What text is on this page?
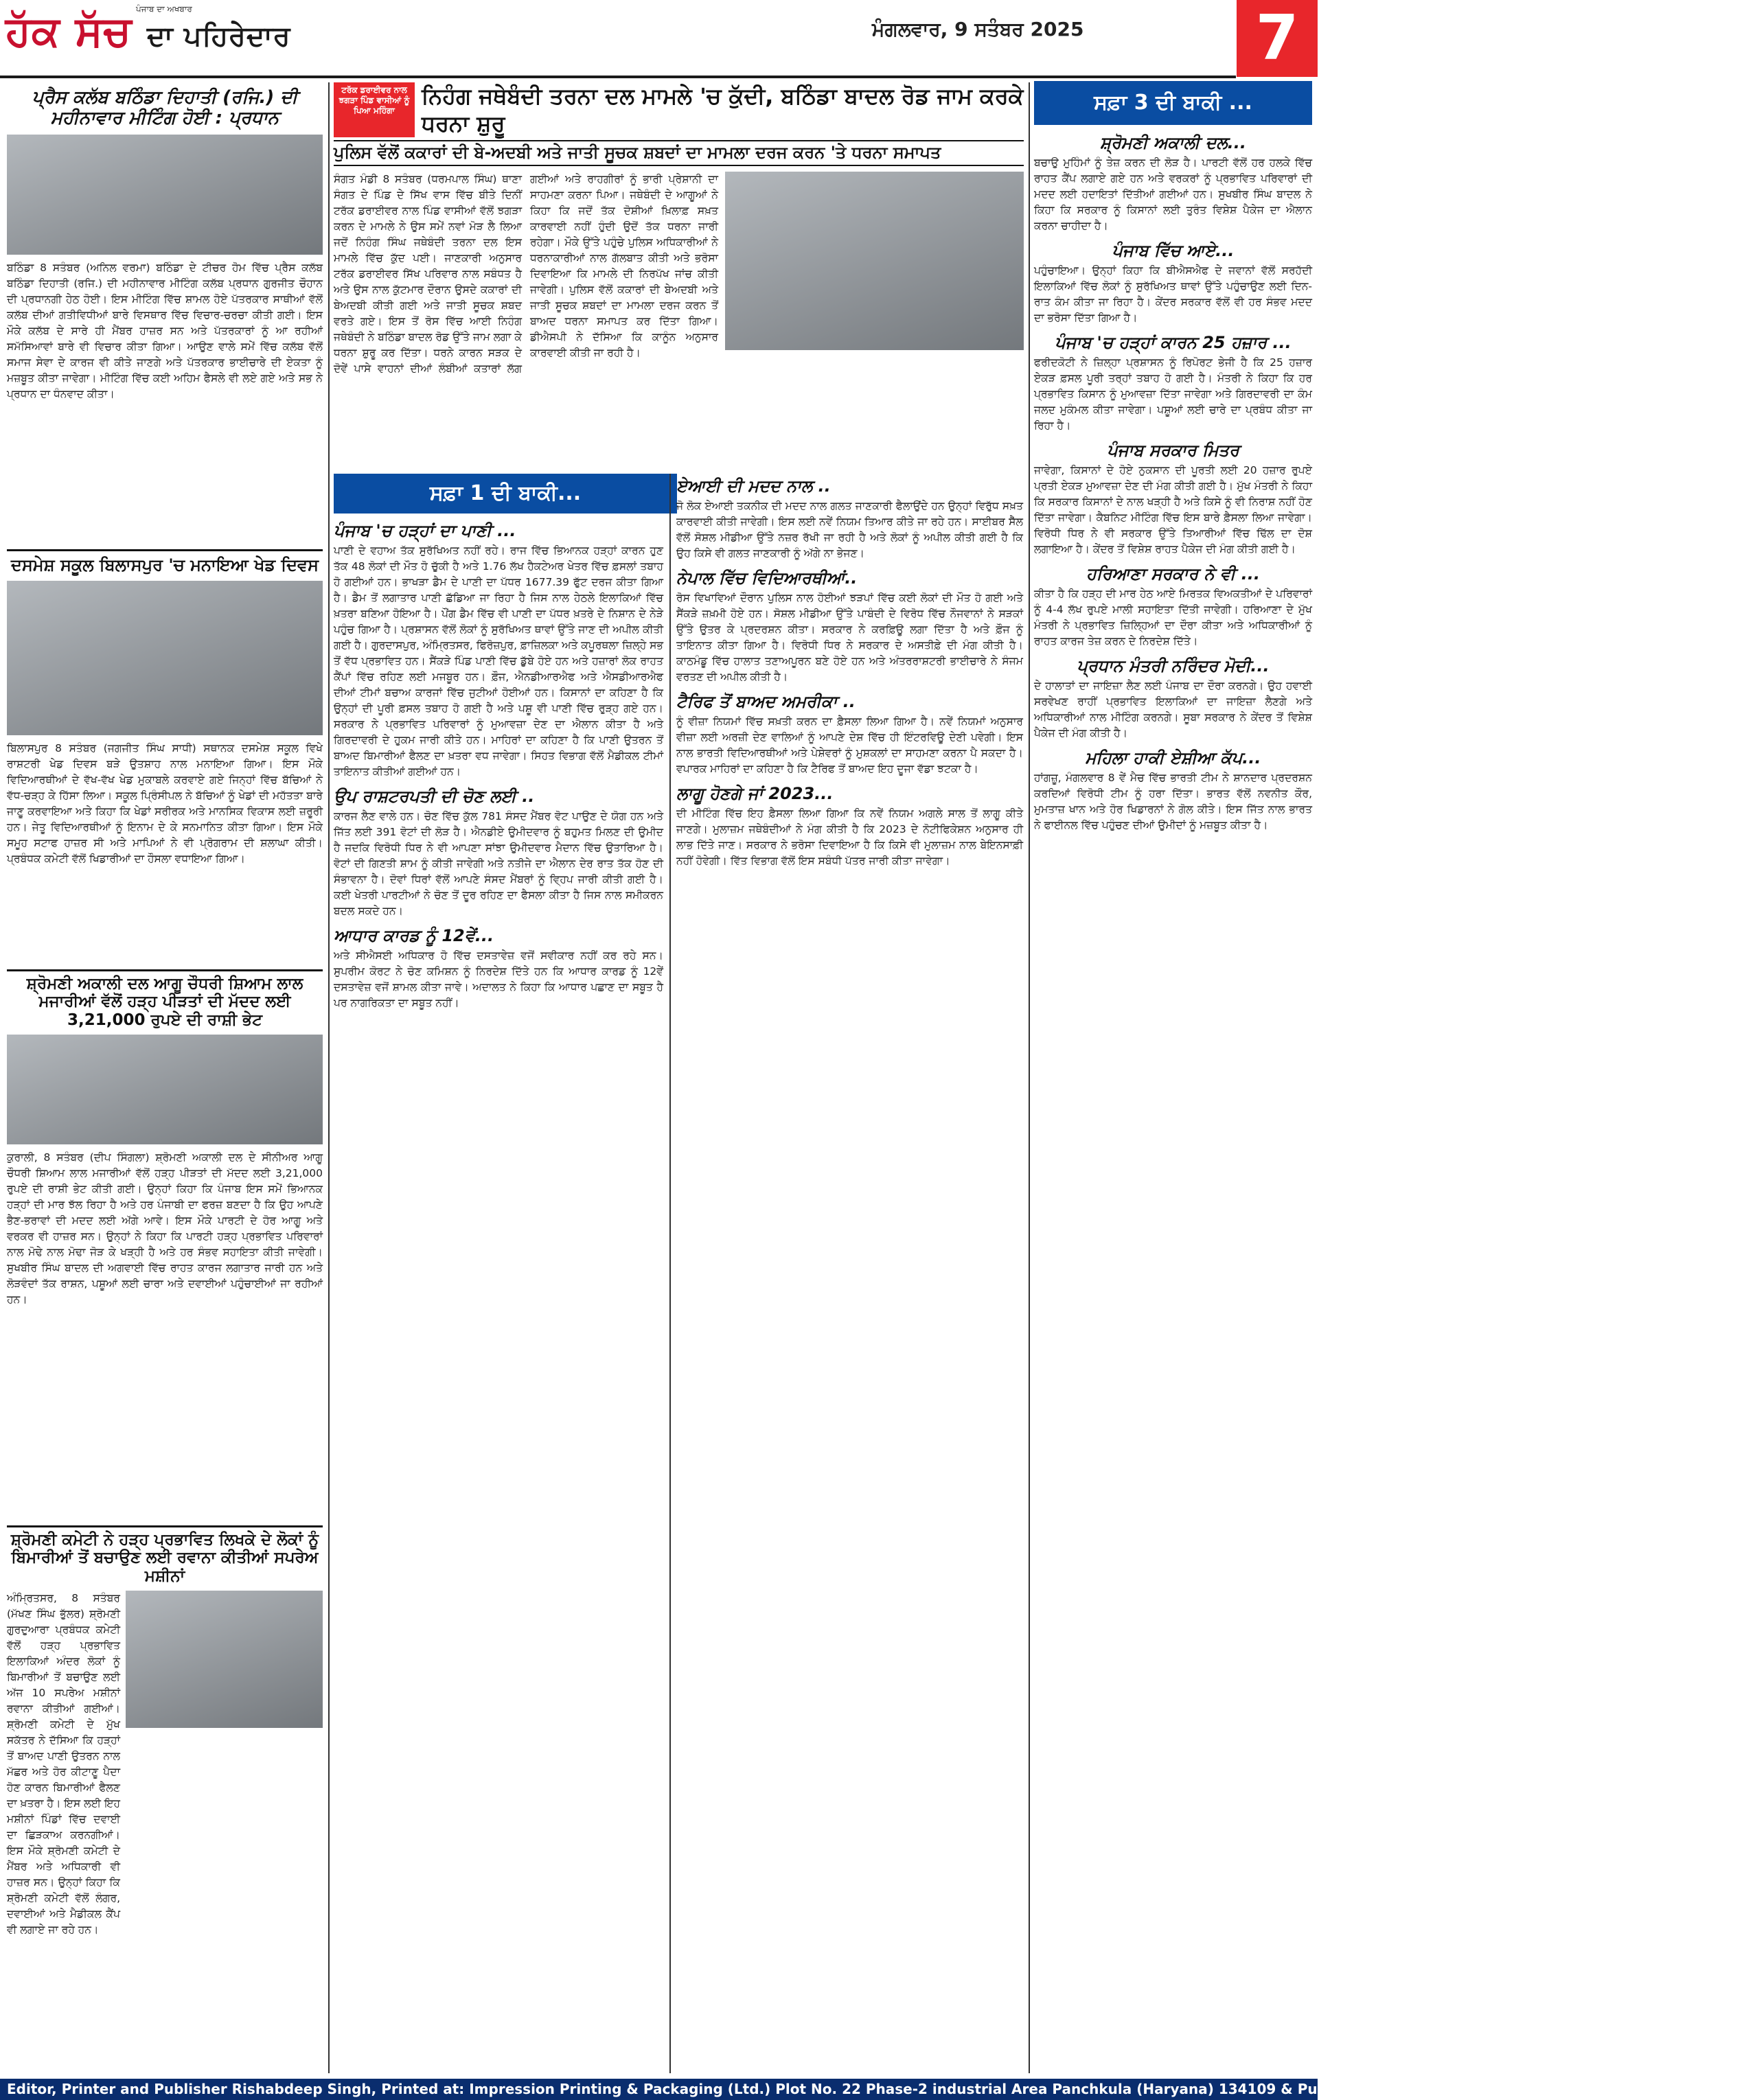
ਪੰਜਾਬ ਦਾ ਅਖਬਾਰ
ਹੱਕ ਸੱਚ ਦਾ ਪਹਿਰੇਦਾਰ	ਮੰਗਲਵਾਰ, 9 ਸਤੰਬਰ 2025	7
ਪ੍ਰੈਸ ਕਲੱਬ ਬਠਿੰਡਾ ਦਿਹਾਤੀ (ਰਜਿ.) ਦੀ ਮਹੀਨਾਵਾਰ ਮੀਟਿੰਗ ਹੋਈ : ਪ੍ਰਧਾਨ
ਬਠਿੰਡਾ 8 ਸਤੰਬਰ (ਅਨਿਲ ਵਰਮਾ) ਬਠਿੰਡਾ ਦੇ ਟੀਚਰ ਹੋਮ ਵਿੱਚ ਪ੍ਰੈਸ ਕਲੱਬ ਬਠਿੰਡਾ ਦਿਹਾਤੀ (ਰਜਿ.) ਦੀ ਮਹੀਨਾਵਾਰ ਮੀਟਿੰਗ ਕਲੱਬ ਪ੍ਰਧਾਨ ਗੁਰਜੀਤ ਚੌਹਾਨ ਦੀ ਪ੍ਰਧਾਨਗੀ ਹੇਠ ਹੋਈ। ਇਸ ਮੀਟਿੰਗ ਵਿੱਚ ਸ਼ਾਮਲ ਹੋਏ ਪੱਤਰਕਾਰ ਸਾਥੀਆਂ ਵੱਲੋਂ ਕਲੱਬ ਦੀਆਂ ਗਤੀਵਿਧੀਆਂ ਬਾਰੇ ਵਿਸਥਾਰ ਵਿੱਚ ਵਿਚਾਰ-ਚਰਚਾ ਕੀਤੀ ਗਈ। ਇਸ ਮੌਕੇ ਕਲੱਬ ਦੇ ਸਾਰੇ ਹੀ ਮੈਂਬਰ ਹਾਜ਼ਰ ਸਨ ਅਤੇ ਪੱਤਰਕਾਰਾਂ ਨੂੰ ਆ ਰਹੀਆਂ ਸਮੱਸਿਆਵਾਂ ਬਾਰੇ ਵੀ ਵਿਚਾਰ ਕੀਤਾ ਗਿਆ। ਆਉਣ ਵਾਲੇ ਸਮੇਂ ਵਿੱਚ ਕਲੱਬ ਵੱਲੋਂ ਸਮਾਜ ਸੇਵਾ ਦੇ ਕਾਰਜ ਵੀ ਕੀਤੇ ਜਾਣਗੇ ਅਤੇ ਪੱਤਰਕਾਰ ਭਾਈਚਾਰੇ ਦੀ ਏਕਤਾ ਨੂੰ ਮਜ਼ਬੂਤ ਕੀਤਾ ਜਾਵੇਗਾ। ਮੀਟਿੰਗ ਵਿੱਚ ਕਈ ਅਹਿਮ ਫੈਸਲੇ ਵੀ ਲਏ ਗਏ ਅਤੇ ਸਭ ਨੇ ਪ੍ਰਧਾਨ ਦਾ ਧੰਨਵਾਦ ਕੀਤਾ।
ਦਸਮੇਸ਼ ਸਕੂਲ ਬਿਲਾਸਪੁਰ 'ਚ ਮਨਾਇਆ ਖੇਡ ਦਿਵਸ
ਬਿਲਾਸਪੁਰ 8 ਸਤੰਬਰ (ਜਗਜੀਤ ਸਿੰਘ ਸਾਧੀ) ਸਥਾਨਕ ਦਸਮੇਸ਼ ਸਕੂਲ ਵਿਖੇ ਰਾਸ਼ਟਰੀ ਖੇਡ ਦਿਵਸ ਬੜੇ ਉਤਸ਼ਾਹ ਨਾਲ ਮਨਾਇਆ ਗਿਆ। ਇਸ ਮੌਕੇ ਵਿਦਿਆਰਥੀਆਂ ਦੇ ਵੱਖ-ਵੱਖ ਖੇਡ ਮੁਕਾਬਲੇ ਕਰਵਾਏ ਗਏ ਜਿਨ੍ਹਾਂ ਵਿੱਚ ਬੱਚਿਆਂ ਨੇ ਵੱਧ-ਚੜ੍ਹ ਕੇ ਹਿੱਸਾ ਲਿਆ। ਸਕੂਲ ਪ੍ਰਿੰਸੀਪਲ ਨੇ ਬੱਚਿਆਂ ਨੂੰ ਖੇਡਾਂ ਦੀ ਮਹੱਤਤਾ ਬਾਰੇ ਜਾਣੂ ਕਰਵਾਇਆ ਅਤੇ ਕਿਹਾ ਕਿ ਖੇਡਾਂ ਸਰੀਰਕ ਅਤੇ ਮਾਨਸਿਕ ਵਿਕਾਸ ਲਈ ਜ਼ਰੂਰੀ ਹਨ। ਜੇਤੂ ਵਿਦਿਆਰਥੀਆਂ ਨੂੰ ਇਨਾਮ ਦੇ ਕੇ ਸਨਮਾਨਿਤ ਕੀਤਾ ਗਿਆ। ਇਸ ਮੌਕੇ ਸਮੂਹ ਸਟਾਫ ਹਾਜ਼ਰ ਸੀ ਅਤੇ ਮਾਪਿਆਂ ਨੇ ਵੀ ਪ੍ਰੋਗਰਾਮ ਦੀ ਸ਼ਲਾਘਾ ਕੀਤੀ। ਪ੍ਰਬੰਧਕ ਕਮੇਟੀ ਵੱਲੋਂ ਖਿਡਾਰੀਆਂ ਦਾ ਹੌਸਲਾ ਵਧਾਇਆ ਗਿਆ।
ਸ਼੍ਰੋਮਣੀ ਅਕਾਲੀ ਦਲ ਆਗੂ ਚੌਧਰੀ ਸ਼ਿਆਮ ਲਾਲ ਮਜਾਰੀਆਂ ਵੱਲੋਂ ਹੜ੍ਹ ਪੀੜਤਾਂ ਦੀ ਮੱਦਦ ਲਈ 3,21,000 ਰੁਪਏ ਦੀ ਰਾਸ਼ੀ ਭੇਟ
ਕੁਰਾਲੀ, 8 ਸਤੰਬਰ (ਦੀਪ ਸਿੰਗਲਾ) ਸ਼੍ਰੋਮਣੀ ਅਕਾਲੀ ਦਲ ਦੇ ਸੀਨੀਅਰ ਆਗੂ ਚੌਧਰੀ ਸ਼ਿਆਮ ਲਾਲ ਮਜਾਰੀਆਂ ਵੱਲੋਂ ਹੜ੍ਹ ਪੀੜਤਾਂ ਦੀ ਮੱਦਦ ਲਈ 3,21,000 ਰੁਪਏ ਦੀ ਰਾਸ਼ੀ ਭੇਟ ਕੀਤੀ ਗਈ। ਉਨ੍ਹਾਂ ਕਿਹਾ ਕਿ ਪੰਜਾਬ ਇਸ ਸਮੇਂ ਭਿਆਨਕ ਹੜ੍ਹਾਂ ਦੀ ਮਾਰ ਝੱਲ ਰਿਹਾ ਹੈ ਅਤੇ ਹਰ ਪੰਜਾਬੀ ਦਾ ਫਰਜ਼ ਬਣਦਾ ਹੈ ਕਿ ਉਹ ਆਪਣੇ ਭੈਣ-ਭਰਾਵਾਂ ਦੀ ਮਦਦ ਲਈ ਅੱਗੇ ਆਵੇ। ਇਸ ਮੌਕੇ ਪਾਰਟੀ ਦੇ ਹੋਰ ਆਗੂ ਅਤੇ ਵਰਕਰ ਵੀ ਹਾਜ਼ਰ ਸਨ। ਉਨ੍ਹਾਂ ਨੇ ਕਿਹਾ ਕਿ ਪਾਰਟੀ ਹੜ੍ਹ ਪ੍ਰਭਾਵਿਤ ਪਰਿਵਾਰਾਂ ਨਾਲ ਮੋਢੇ ਨਾਲ ਮੋਢਾ ਜੋੜ ਕੇ ਖੜ੍ਹੀ ਹੈ ਅਤੇ ਹਰ ਸੰਭਵ ਸਹਾਇਤਾ ਕੀਤੀ ਜਾਵੇਗੀ। ਸੁਖਬੀਰ ਸਿੰਘ ਬਾਦਲ ਦੀ ਅਗਵਾਈ ਵਿੱਚ ਰਾਹਤ ਕਾਰਜ ਲਗਾਤਾਰ ਜਾਰੀ ਹਨ ਅਤੇ ਲੋੜਵੰਦਾਂ ਤੱਕ ਰਾਸ਼ਨ, ਪਸ਼ੂਆਂ ਲਈ ਚਾਰਾ ਅਤੇ ਦਵਾਈਆਂ ਪਹੁੰਚਾਈਆਂ ਜਾ ਰਹੀਆਂ ਹਨ।
ਸ਼੍ਰੋਮਣੀ ਕਮੇਟੀ ਨੇ ਹੜ੍ਹ ਪ੍ਰਭਾਵਿਤ ਲਿਖਕੇ ਦੇ ਲੋਕਾਂ ਨੂੰ ਬਿਮਾਰੀਆਂ ਤੋਂ ਬਚਾਉਣ ਲਈ ਰਵਾਨਾ ਕੀਤੀਆਂ ਸਪਰੇਅ ਮਸ਼ੀਨਾਂ
ਅੰਮ੍ਰਿਤਸਰ, 8 ਸਤੰਬਰ (ਮੱਖਣ ਸਿੰਘ ਭੁੱਲਰ) ਸ਼੍ਰੋਮਣੀ ਗੁਰਦੁਆਰਾ ਪ੍ਰਬੰਧਕ ਕਮੇਟੀ ਵੱਲੋਂ ਹੜ੍ਹ ਪ੍ਰਭਾਵਿਤ ਇਲਾਕਿਆਂ ਅੰਦਰ ਲੋਕਾਂ ਨੂੰ ਬਿਮਾਰੀਆਂ ਤੋਂ ਬਚਾਉਣ ਲਈ ਅੱਜ 10 ਸਪਰੇਅ ਮਸ਼ੀਨਾਂ ਰਵਾਨਾ ਕੀਤੀਆਂ ਗਈਆਂ। ਸ਼੍ਰੋਮਣੀ ਕਮੇਟੀ ਦੇ ਮੁੱਖ ਸਕੱਤਰ ਨੇ ਦੱਸਿਆ ਕਿ ਹੜ੍ਹਾਂ ਤੋਂ ਬਾਅਦ ਪਾਣੀ ਉਤਰਨ ਨਾਲ ਮੱਛਰ ਅਤੇ ਹੋਰ ਕੀਟਾਣੂ ਪੈਦਾ ਹੋਣ ਕਾਰਨ ਬਿਮਾਰੀਆਂ ਫੈਲਣ ਦਾ ਖ਼ਤਰਾ ਹੈ। ਇਸ ਲਈ ਇਹ ਮਸ਼ੀਨਾਂ ਪਿੰਡਾਂ ਵਿੱਚ ਦਵਾਈ ਦਾ ਛਿੜਕਾਅ ਕਰਨਗੀਆਂ। ਇਸ ਮੌਕੇ ਸ਼੍ਰੋਮਣੀ ਕਮੇਟੀ ਦੇ ਮੈਂਬਰ ਅਤੇ ਅਧਿਕਾਰੀ ਵੀ ਹਾਜ਼ਰ ਸਨ। ਉਨ੍ਹਾਂ ਕਿਹਾ ਕਿ ਸ਼੍ਰੋਮਣੀ ਕਮੇਟੀ ਵੱਲੋਂ ਲੰਗਰ, ਦਵਾਈਆਂ ਅਤੇ ਮੈਡੀਕਲ ਕੈਂਪ ਵੀ ਲਗਾਏ ਜਾ ਰਹੇ ਹਨ।
ਟਰੱਕ ਡਰਾਈਵਰ ਨਾਲ ਝਗੜਾ ਪਿੰਡ ਵਾਸੀਆਂ ਨੂੰ ਪਿਆ ਮਹਿੰਗਾ
ਨਿਹੰਗ ਜਥੇਬੰਦੀ ਤਰਨਾ ਦਲ ਮਾਮਲੇ 'ਚ ਕੁੱਦੀ, ਬਠਿੰਡਾ ਬਾਦਲ ਰੋਡ ਜਾਮ ਕਰਕੇ ਧਰਨਾ ਸ਼ੁਰੂ
ਪੁਲਿਸ ਵੱਲੋਂ ਕਕਾਰਾਂ ਦੀ ਬੇ-ਅਦਬੀ ਅਤੇ ਜਾਤੀ ਸੂਚਕ ਸ਼ਬਦਾਂ ਦਾ ਮਾਮਲਾ ਦਰਜ ਕਰਨ 'ਤੇ ਧਰਨਾ ਸਮਾਪਤ
ਸੰਗਤ ਮੰਡੀ 8 ਸਤੰਬਰ (ਧਰਮਪਾਲ ਸਿੰਘ) ਥਾਣਾ ਸੰਗਤ ਦੇ ਪਿੰਡ ਦੇ ਸਿੱਖ ਵਾਸ ਵਿੱਚ ਬੀਤੇ ਦਿਨੀਂ ਟਰੱਕ ਡਰਾਈਵਰ ਨਾਲ ਪਿੰਡ ਵਾਸੀਆਂ ਵੱਲੋਂ ਝਗੜਾ ਕਰਨ ਦੇ ਮਾਮਲੇ ਨੇ ਉਸ ਸਮੇਂ ਨਵਾਂ ਮੋੜ ਲੈ ਲਿਆ ਜਦੋਂ ਨਿਹੰਗ ਸਿੰਘ ਜਥੇਬੰਦੀ ਤਰਨਾ ਦਲ ਇਸ ਮਾਮਲੇ ਵਿੱਚ ਕੁੱਦ ਪਈ। ਜਾਣਕਾਰੀ ਅਨੁਸਾਰ ਟਰੱਕ ਡਰਾਈਵਰ ਸਿੱਖ ਪਰਿਵਾਰ ਨਾਲ ਸਬੰਧਤ ਹੈ ਅਤੇ ਉਸ ਨਾਲ ਕੁੱਟਮਾਰ ਦੌਰਾਨ ਉਸਦੇ ਕਕਾਰਾਂ ਦੀ ਬੇਅਦਬੀ ਕੀਤੀ ਗਈ ਅਤੇ ਜਾਤੀ ਸੂਚਕ ਸ਼ਬਦ ਵਰਤੇ ਗਏ। ਇਸ ਤੋਂ ਰੋਸ ਵਿੱਚ ਆਈ ਨਿਹੰਗ ਜਥੇਬੰਦੀ ਨੇ ਬਠਿੰਡਾ ਬਾਦਲ ਰੋਡ ਉੱਤੇ ਜਾਮ ਲਗਾ ਕੇ ਧਰਨਾ ਸ਼ੁਰੂ ਕਰ ਦਿੱਤਾ। ਧਰਨੇ ਕਾਰਨ ਸੜਕ ਦੇ ਦੋਵੇਂ ਪਾਸੇ ਵਾਹਨਾਂ ਦੀਆਂ ਲੰਬੀਆਂ ਕਤਾਰਾਂ ਲੱਗ ਗਈਆਂ ਅਤੇ ਰਾਹਗੀਰਾਂ ਨੂੰ ਭਾਰੀ ਪ੍ਰੇਸ਼ਾਨੀ ਦਾ ਸਾਹਮਣਾ ਕਰਨਾ ਪਿਆ। ਜਥੇਬੰਦੀ ਦੇ ਆਗੂਆਂ ਨੇ ਕਿਹਾ ਕਿ ਜਦੋਂ ਤੱਕ ਦੋਸ਼ੀਆਂ ਖ਼ਿਲਾਫ਼ ਸਖ਼ਤ ਕਾਰਵਾਈ ਨਹੀਂ ਹੁੰਦੀ ਉਦੋਂ ਤੱਕ ਧਰਨਾ ਜਾਰੀ ਰਹੇਗਾ। ਮੌਕੇ ਉੱਤੇ ਪਹੁੰਚੇ ਪੁਲਿਸ ਅਧਿਕਾਰੀਆਂ ਨੇ ਧਰਨਾਕਾਰੀਆਂ ਨਾਲ ਗੱਲਬਾਤ ਕੀਤੀ ਅਤੇ ਭਰੋਸਾ ਦਿਵਾਇਆ ਕਿ ਮਾਮਲੇ ਦੀ ਨਿਰਪੱਖ ਜਾਂਚ ਕੀਤੀ ਜਾਵੇਗੀ। ਪੁਲਿਸ ਵੱਲੋਂ ਕਕਾਰਾਂ ਦੀ ਬੇਅਦਬੀ ਅਤੇ ਜਾਤੀ ਸੂਚਕ ਸ਼ਬਦਾਂ ਦਾ ਮਾਮਲਾ ਦਰਜ ਕਰਨ ਤੋਂ ਬਾਅਦ ਧਰਨਾ ਸਮਾਪਤ ਕਰ ਦਿੱਤਾ ਗਿਆ। ਡੀਐਸਪੀ ਨੇ ਦੱਸਿਆ ਕਿ ਕਾਨੂੰਨ ਅਨੁਸਾਰ ਕਾਰਵਾਈ ਕੀਤੀ ਜਾ ਰਹੀ ਹੈ।
ਸਫ਼ਾ 1 ਦੀ ਬਾਕੀ...
ਪੰਜਾਬ 'ਚ ਹੜ੍ਹਾਂ ਦਾ ਪਾਣੀ ...
ਪਾਣੀ ਦੇ ਵਹਾਅ ਤੱਕ ਸੁਰੱਖਿਅਤ ਨਹੀਂ ਰਹੇ। ਰਾਜ ਵਿੱਚ ਭਿਆਨਕ ਹੜ੍ਹਾਂ ਕਾਰਨ ਹੁਣ ਤੱਕ 48 ਲੋਕਾਂ ਦੀ ਮੌਤ ਹੋ ਚੁੱਕੀ ਹੈ ਅਤੇ 1.76 ਲੱਖ ਹੈਕਟੇਅਰ ਖੇਤਰ ਵਿੱਚ ਫ਼ਸਲਾਂ ਤਬਾਹ ਹੋ ਗਈਆਂ ਹਨ। ਭਾਖੜਾ ਡੈਮ ਦੇ ਪਾਣੀ ਦਾ ਪੱਧਰ 1677.39 ਫੁੱਟ ਦਰਜ ਕੀਤਾ ਗਿਆ ਹੈ। ਡੈਮ ਤੋਂ ਲਗਾਤਾਰ ਪਾਣੀ ਛੱਡਿਆ ਜਾ ਰਿਹਾ ਹੈ ਜਿਸ ਨਾਲ ਹੇਠਲੇ ਇਲਾਕਿਆਂ ਵਿੱਚ ਖ਼ਤਰਾ ਬਣਿਆ ਹੋਇਆ ਹੈ। ਪੌਂਗ ਡੈਮ ਵਿੱਚ ਵੀ ਪਾਣੀ ਦਾ ਪੱਧਰ ਖ਼ਤਰੇ ਦੇ ਨਿਸ਼ਾਨ ਦੇ ਨੇੜੇ ਪਹੁੰਚ ਗਿਆ ਹੈ। ਪ੍ਰਸ਼ਾਸਨ ਵੱਲੋਂ ਲੋਕਾਂ ਨੂੰ ਸੁਰੱਖਿਅਤ ਥਾਵਾਂ ਉੱਤੇ ਜਾਣ ਦੀ ਅਪੀਲ ਕੀਤੀ ਗਈ ਹੈ। ਗੁਰਦਾਸਪੁਰ, ਅੰਮ੍ਰਿਤਸਰ, ਫਿਰੋਜ਼ਪੁਰ, ਫ਼ਾਜ਼ਿਲਕਾ ਅਤੇ ਕਪੂਰਥਲਾ ਜ਼ਿਲ੍ਹੇ ਸਭ ਤੋਂ ਵੱਧ ਪ੍ਰਭਾਵਿਤ ਹਨ। ਸੈਂਕੜੇ ਪਿੰਡ ਪਾਣੀ ਵਿੱਚ ਡੁੱਬੇ ਹੋਏ ਹਨ ਅਤੇ ਹਜ਼ਾਰਾਂ ਲੋਕ ਰਾਹਤ ਕੈਂਪਾਂ ਵਿੱਚ ਰਹਿਣ ਲਈ ਮਜਬੂਰ ਹਨ। ਫ਼ੌਜ, ਐਨਡੀਆਰਐਫ ਅਤੇ ਐਸਡੀਆਰਐਫ ਦੀਆਂ ਟੀਮਾਂ ਬਚਾਅ ਕਾਰਜਾਂ ਵਿੱਚ ਜੁਟੀਆਂ ਹੋਈਆਂ ਹਨ। ਕਿਸਾਨਾਂ ਦਾ ਕਹਿਣਾ ਹੈ ਕਿ ਉਨ੍ਹਾਂ ਦੀ ਪੂਰੀ ਫ਼ਸਲ ਤਬਾਹ ਹੋ ਗਈ ਹੈ ਅਤੇ ਪਸ਼ੂ ਵੀ ਪਾਣੀ ਵਿੱਚ ਰੁੜ੍ਹ ਗਏ ਹਨ। ਸਰਕਾਰ ਨੇ ਪ੍ਰਭਾਵਿਤ ਪਰਿਵਾਰਾਂ ਨੂੰ ਮੁਆਵਜ਼ਾ ਦੇਣ ਦਾ ਐਲਾਨ ਕੀਤਾ ਹੈ ਅਤੇ ਗਿਰਦਾਵਰੀ ਦੇ ਹੁਕਮ ਜਾਰੀ ਕੀਤੇ ਹਨ। ਮਾਹਿਰਾਂ ਦਾ ਕਹਿਣਾ ਹੈ ਕਿ ਪਾਣੀ ਉਤਰਨ ਤੋਂ ਬਾਅਦ ਬਿਮਾਰੀਆਂ ਫੈਲਣ ਦਾ ਖ਼ਤਰਾ ਵਧ ਜਾਵੇਗਾ। ਸਿਹਤ ਵਿਭਾਗ ਵੱਲੋਂ ਮੈਡੀਕਲ ਟੀਮਾਂ ਤਾਇਨਾਤ ਕੀਤੀਆਂ ਗਈਆਂ ਹਨ।
ਉਪ ਰਾਸ਼ਟਰਪਤੀ ਦੀ ਚੋਣ ਲਈ ..
ਕਾਰਜ ਲੈਣ ਵਾਲੇ ਹਨ। ਚੋਣ ਵਿੱਚ ਕੁੱਲ 781 ਸੰਸਦ ਮੈਂਬਰ ਵੋਟ ਪਾਉਣ ਦੇ ਯੋਗ ਹਨ ਅਤੇ ਜਿੱਤ ਲਈ 391 ਵੋਟਾਂ ਦੀ ਲੋੜ ਹੈ। ਐਨਡੀਏ ਉਮੀਦਵਾਰ ਨੂੰ ਬਹੁਮਤ ਮਿਲਣ ਦੀ ਉਮੀਦ ਹੈ ਜਦਕਿ ਵਿਰੋਧੀ ਧਿਰ ਨੇ ਵੀ ਆਪਣਾ ਸਾਂਝਾ ਉਮੀਦਵਾਰ ਮੈਦਾਨ ਵਿੱਚ ਉਤਾਰਿਆ ਹੈ। ਵੋਟਾਂ ਦੀ ਗਿਣਤੀ ਸ਼ਾਮ ਨੂੰ ਕੀਤੀ ਜਾਵੇਗੀ ਅਤੇ ਨਤੀਜੇ ਦਾ ਐਲਾਨ ਦੇਰ ਰਾਤ ਤੱਕ ਹੋਣ ਦੀ ਸੰਭਾਵਨਾ ਹੈ। ਦੋਵਾਂ ਧਿਰਾਂ ਵੱਲੋਂ ਆਪਣੇ ਸੰਸਦ ਮੈਂਬਰਾਂ ਨੂੰ ਵ੍ਹਿਪ ਜਾਰੀ ਕੀਤੀ ਗਈ ਹੈ। ਕਈ ਖੇਤਰੀ ਪਾਰਟੀਆਂ ਨੇ ਚੋਣ ਤੋਂ ਦੂਰ ਰਹਿਣ ਦਾ ਫੈਸਲਾ ਕੀਤਾ ਹੈ ਜਿਸ ਨਾਲ ਸਮੀਕਰਨ ਬਦਲ ਸਕਦੇ ਹਨ।
ਆਧਾਰ ਕਾਰਡ ਨੂੰ 12ਵੇਂ...
ਅਤੇ ਸੀਐਸਈ ਅਧਿਕਾਰ ਹੋ ਵਿੱਚ ਦਸਤਾਵੇਜ਼ ਵਜੋਂ ਸਵੀਕਾਰ ਨਹੀਂ ਕਰ ਰਹੇ ਸਨ। ਸੁਪਰੀਮ ਕੋਰਟ ਨੇ ਚੋਣ ਕਮਿਸ਼ਨ ਨੂੰ ਨਿਰਦੇਸ਼ ਦਿੱਤੇ ਹਨ ਕਿ ਆਧਾਰ ਕਾਰਡ ਨੂੰ 12ਵੇਂ ਦਸਤਾਵੇਜ਼ ਵਜੋਂ ਸ਼ਾਮਲ ਕੀਤਾ ਜਾਵੇ। ਅਦਾਲਤ ਨੇ ਕਿਹਾ ਕਿ ਆਧਾਰ ਪਛਾਣ ਦਾ ਸਬੂਤ ਹੈ ਪਰ ਨਾਗਰਿਕਤਾ ਦਾ ਸਬੂਤ ਨਹੀਂ।
ਏਆਈ ਦੀ ਮਦਦ ਨਾਲ ..
ਜੋ ਲੋਕ ਏਆਈ ਤਕਨੀਕ ਦੀ ਮਦਦ ਨਾਲ ਗਲਤ ਜਾਣਕਾਰੀ ਫੈਲਾਉਂਦੇ ਹਨ ਉਨ੍ਹਾਂ ਵਿਰੁੱਧ ਸਖ਼ਤ ਕਾਰਵਾਈ ਕੀਤੀ ਜਾਵੇਗੀ। ਇਸ ਲਈ ਨਵੇਂ ਨਿਯਮ ਤਿਆਰ ਕੀਤੇ ਜਾ ਰਹੇ ਹਨ। ਸਾਈਬਰ ਸੈੱਲ ਵੱਲੋਂ ਸੋਸ਼ਲ ਮੀਡੀਆ ਉੱਤੇ ਨਜ਼ਰ ਰੱਖੀ ਜਾ ਰਹੀ ਹੈ ਅਤੇ ਲੋਕਾਂ ਨੂੰ ਅਪੀਲ ਕੀਤੀ ਗਈ ਹੈ ਕਿ ਉਹ ਕਿਸੇ ਵੀ ਗਲਤ ਜਾਣਕਾਰੀ ਨੂੰ ਅੱਗੇ ਨਾ ਭੇਜਣ।
ਨੇਪਾਲ ਵਿੱਚ ਵਿਦਿਆਰਥੀਆਂ..
ਰੋਸ ਵਿਖਾਵਿਆਂ ਦੌਰਾਨ ਪੁਲਿਸ ਨਾਲ ਹੋਈਆਂ ਝੜਪਾਂ ਵਿੱਚ ਕਈ ਲੋਕਾਂ ਦੀ ਮੌਤ ਹੋ ਗਈ ਅਤੇ ਸੈਂਕੜੇ ਜ਼ਖ਼ਮੀ ਹੋਏ ਹਨ। ਸੋਸ਼ਲ ਮੀਡੀਆ ਉੱਤੇ ਪਾਬੰਦੀ ਦੇ ਵਿਰੋਧ ਵਿੱਚ ਨੌਜਵਾਨਾਂ ਨੇ ਸੜਕਾਂ ਉੱਤੇ ਉਤਰ ਕੇ ਪ੍ਰਦਰਸ਼ਨ ਕੀਤਾ। ਸਰਕਾਰ ਨੇ ਕਰਫ਼ਿਊ ਲਗਾ ਦਿੱਤਾ ਹੈ ਅਤੇ ਫ਼ੌਜ ਨੂੰ ਤਾਇਨਾਤ ਕੀਤਾ ਗਿਆ ਹੈ। ਵਿਰੋਧੀ ਧਿਰ ਨੇ ਸਰਕਾਰ ਦੇ ਅਸਤੀਫ਼ੇ ਦੀ ਮੰਗ ਕੀਤੀ ਹੈ। ਕਾਠਮੰਡੂ ਵਿੱਚ ਹਾਲਾਤ ਤਣਾਅਪੂਰਨ ਬਣੇ ਹੋਏ ਹਨ ਅਤੇ ਅੰਤਰਰਾਸ਼ਟਰੀ ਭਾਈਚਾਰੇ ਨੇ ਸੰਜਮ ਵਰਤਣ ਦੀ ਅਪੀਲ ਕੀਤੀ ਹੈ।
ਟੈਰਿਫ ਤੋਂ ਬਾਅਦ ਅਮਰੀਕਾ ..
ਨੂੰ ਵੀਜ਼ਾ ਨਿਯਮਾਂ ਵਿੱਚ ਸਖ਼ਤੀ ਕਰਨ ਦਾ ਫ਼ੈਸਲਾ ਲਿਆ ਗਿਆ ਹੈ। ਨਵੇਂ ਨਿਯਮਾਂ ਅਨੁਸਾਰ ਵੀਜ਼ਾ ਲਈ ਅਰਜ਼ੀ ਦੇਣ ਵਾਲਿਆਂ ਨੂੰ ਆਪਣੇ ਦੇਸ਼ ਵਿੱਚ ਹੀ ਇੰਟਰਵਿਊ ਦੇਣੀ ਪਵੇਗੀ। ਇਸ ਨਾਲ ਭਾਰਤੀ ਵਿਦਿਆਰਥੀਆਂ ਅਤੇ ਪੇਸ਼ੇਵਰਾਂ ਨੂੰ ਮੁਸ਼ਕਲਾਂ ਦਾ ਸਾਹਮਣਾ ਕਰਨਾ ਪੈ ਸਕਦਾ ਹੈ। ਵਪਾਰਕ ਮਾਹਿਰਾਂ ਦਾ ਕਹਿਣਾ ਹੈ ਕਿ ਟੈਰਿਫ ਤੋਂ ਬਾਅਦ ਇਹ ਦੂਜਾ ਵੱਡਾ ਝਟਕਾ ਹੈ।
ਲਾਗੂ ਹੋਣਗੇ ਜਾਂ 2023...
ਦੀ ਮੀਟਿੰਗ ਵਿੱਚ ਇਹ ਫ਼ੈਸਲਾ ਲਿਆ ਗਿਆ ਕਿ ਨਵੇਂ ਨਿਯਮ ਅਗਲੇ ਸਾਲ ਤੋਂ ਲਾਗੂ ਕੀਤੇ ਜਾਣਗੇ। ਮੁਲਾਜ਼ਮ ਜਥੇਬੰਦੀਆਂ ਨੇ ਮੰਗ ਕੀਤੀ ਹੈ ਕਿ 2023 ਦੇ ਨੋਟੀਫਿਕੇਸ਼ਨ ਅਨੁਸਾਰ ਹੀ ਲਾਭ ਦਿੱਤੇ ਜਾਣ। ਸਰਕਾਰ ਨੇ ਭਰੋਸਾ ਦਿਵਾਇਆ ਹੈ ਕਿ ਕਿਸੇ ਵੀ ਮੁਲਾਜ਼ਮ ਨਾਲ ਬੇਇਨਸਾਫ਼ੀ ਨਹੀਂ ਹੋਵੇਗੀ। ਵਿੱਤ ਵਿਭਾਗ ਵੱਲੋਂ ਇਸ ਸਬੰਧੀ ਪੱਤਰ ਜਾਰੀ ਕੀਤਾ ਜਾਵੇਗਾ।
ਸਫ਼ਾ 3 ਦੀ ਬਾਕੀ ...
ਸ਼੍ਰੋਮਣੀ ਅਕਾਲੀ ਦਲ...
ਬਚਾਉ ਮੁਹਿੰਮਾਂ ਨੂੰ ਤੇਜ਼ ਕਰਨ ਦੀ ਲੋੜ ਹੈ। ਪਾਰਟੀ ਵੱਲੋਂ ਹਰ ਹਲਕੇ ਵਿੱਚ ਰਾਹਤ ਕੈਂਪ ਲਗਾਏ ਗਏ ਹਨ ਅਤੇ ਵਰਕਰਾਂ ਨੂੰ ਪ੍ਰਭਾਵਿਤ ਪਰਿਵਾਰਾਂ ਦੀ ਮਦਦ ਲਈ ਹਦਾਇਤਾਂ ਦਿੱਤੀਆਂ ਗਈਆਂ ਹਨ। ਸੁਖਬੀਰ ਸਿੰਘ ਬਾਦਲ ਨੇ ਕਿਹਾ ਕਿ ਸਰਕਾਰ ਨੂੰ ਕਿਸਾਨਾਂ ਲਈ ਤੁਰੰਤ ਵਿਸ਼ੇਸ਼ ਪੈਕੇਜ ਦਾ ਐਲਾਨ ਕਰਨਾ ਚਾਹੀਦਾ ਹੈ।
ਪੰਜਾਬ ਵਿੱਚ ਆਏ...
ਪਹੁੰਚਾਇਆ। ਉਨ੍ਹਾਂ ਕਿਹਾ ਕਿ ਬੀਐਸਐਫ ਦੇ ਜਵਾਨਾਂ ਵੱਲੋਂ ਸਰਹੱਦੀ ਇਲਾਕਿਆਂ ਵਿੱਚ ਲੋਕਾਂ ਨੂੰ ਸੁਰੱਖਿਅਤ ਥਾਵਾਂ ਉੱਤੇ ਪਹੁੰਚਾਉਣ ਲਈ ਦਿਨ-ਰਾਤ ਕੰਮ ਕੀਤਾ ਜਾ ਰਿਹਾ ਹੈ। ਕੇਂਦਰ ਸਰਕਾਰ ਵੱਲੋਂ ਵੀ ਹਰ ਸੰਭਵ ਮਦਦ ਦਾ ਭਰੋਸਾ ਦਿੱਤਾ ਗਿਆ ਹੈ।
ਪੰਜਾਬ 'ਚ ਹੜ੍ਹਾਂ ਕਾਰਨ 25 ਹਜ਼ਾਰ ...
ਫਰੀਦਕੋਟੀ ਨੇ ਜ਼ਿਲ੍ਹਾ ਪ੍ਰਸ਼ਾਸਨ ਨੂੰ ਰਿਪੋਰਟ ਭੇਜੀ ਹੈ ਕਿ 25 ਹਜ਼ਾਰ ਏਕੜ ਫ਼ਸਲ ਪੂਰੀ ਤਰ੍ਹਾਂ ਤਬਾਹ ਹੋ ਗਈ ਹੈ। ਮੰਤਰੀ ਨੇ ਕਿਹਾ ਕਿ ਹਰ ਪ੍ਰਭਾਵਿਤ ਕਿਸਾਨ ਨੂੰ ਮੁਆਵਜ਼ਾ ਦਿੱਤਾ ਜਾਵੇਗਾ ਅਤੇ ਗਿਰਦਾਵਰੀ ਦਾ ਕੰਮ ਜਲਦ ਮੁਕੰਮਲ ਕੀਤਾ ਜਾਵੇਗਾ। ਪਸ਼ੂਆਂ ਲਈ ਚਾਰੇ ਦਾ ਪ੍ਰਬੰਧ ਕੀਤਾ ਜਾ ਰਿਹਾ ਹੈ।
ਪੰਜਾਬ ਸਰਕਾਰ ਮਿਤਰ
ਜਾਵੇਗਾ, ਕਿਸਾਨਾਂ ਦੇ ਹੋਏ ਨੁਕਸਾਨ ਦੀ ਪੂਰਤੀ ਲਈ 20 ਹਜ਼ਾਰ ਰੁਪਏ ਪ੍ਰਤੀ ਏਕੜ ਮੁਆਵਜ਼ਾ ਦੇਣ ਦੀ ਮੰਗ ਕੀਤੀ ਗਈ ਹੈ। ਮੁੱਖ ਮੰਤਰੀ ਨੇ ਕਿਹਾ ਕਿ ਸਰਕਾਰ ਕਿਸਾਨਾਂ ਦੇ ਨਾਲ ਖੜ੍ਹੀ ਹੈ ਅਤੇ ਕਿਸੇ ਨੂੰ ਵੀ ਨਿਰਾਸ਼ ਨਹੀਂ ਹੋਣ ਦਿੱਤਾ ਜਾਵੇਗਾ। ਕੈਬਨਿਟ ਮੀਟਿੰਗ ਵਿੱਚ ਇਸ ਬਾਰੇ ਫ਼ੈਸਲਾ ਲਿਆ ਜਾਵੇਗਾ। ਵਿਰੋਧੀ ਧਿਰ ਨੇ ਵੀ ਸਰਕਾਰ ਉੱਤੇ ਤਿਆਰੀਆਂ ਵਿੱਚ ਢਿੱਲ ਦਾ ਦੋਸ਼ ਲਗਾਇਆ ਹੈ। ਕੇਂਦਰ ਤੋਂ ਵਿਸ਼ੇਸ਼ ਰਾਹਤ ਪੈਕੇਜ ਦੀ ਮੰਗ ਕੀਤੀ ਗਈ ਹੈ।
ਹਰਿਆਣਾ ਸਰਕਾਰ ਨੇ ਵੀ ...
ਕੀਤਾ ਹੈ ਕਿ ਹੜ੍ਹ ਦੀ ਮਾਰ ਹੇਠ ਆਏ ਮਿਰਤਕ ਵਿਅਕਤੀਆਂ ਦੇ ਪਰਿਵਾਰਾਂ ਨੂੰ 4-4 ਲੱਖ ਰੁਪਏ ਮਾਲੀ ਸਹਾਇਤਾ ਦਿੱਤੀ ਜਾਵੇਗੀ। ਹਰਿਆਣਾ ਦੇ ਮੁੱਖ ਮੰਤਰੀ ਨੇ ਪ੍ਰਭਾਵਿਤ ਜ਼ਿਲ੍ਹਿਆਂ ਦਾ ਦੌਰਾ ਕੀਤਾ ਅਤੇ ਅਧਿਕਾਰੀਆਂ ਨੂੰ ਰਾਹਤ ਕਾਰਜ ਤੇਜ਼ ਕਰਨ ਦੇ ਨਿਰਦੇਸ਼ ਦਿੱਤੇ।
ਪ੍ਰਧਾਨ ਮੰਤਰੀ ਨਰਿੰਦਰ ਮੋਦੀ...
ਦੇ ਹਾਲਾਤਾਂ ਦਾ ਜਾਇਜ਼ਾ ਲੈਣ ਲਈ ਪੰਜਾਬ ਦਾ ਦੌਰਾ ਕਰਨਗੇ। ਉਹ ਹਵਾਈ ਸਰਵੇਖਣ ਰਾਹੀਂ ਪ੍ਰਭਾਵਿਤ ਇਲਾਕਿਆਂ ਦਾ ਜਾਇਜ਼ਾ ਲੈਣਗੇ ਅਤੇ ਅਧਿਕਾਰੀਆਂ ਨਾਲ ਮੀਟਿੰਗ ਕਰਨਗੇ। ਸੂਬਾ ਸਰਕਾਰ ਨੇ ਕੇਂਦਰ ਤੋਂ ਵਿਸ਼ੇਸ਼ ਪੈਕੇਜ ਦੀ ਮੰਗ ਕੀਤੀ ਹੈ।
ਮਹਿਲਾ ਹਾਕੀ ਏਸ਼ੀਆ ਕੱਪ...
ਹਾਂਗਜ਼ੂ, ਮੰਗਲਵਾਰ 8 ਵੇਂ ਮੈਚ ਵਿੱਚ ਭਾਰਤੀ ਟੀਮ ਨੇ ਸ਼ਾਨਦਾਰ ਪ੍ਰਦਰਸ਼ਨ ਕਰਦਿਆਂ ਵਿਰੋਧੀ ਟੀਮ ਨੂੰ ਹਰਾ ਦਿੱਤਾ। ਭਾਰਤ ਵੱਲੋਂ ਨਵਨੀਤ ਕੌਰ, ਮੁਮਤਾਜ਼ ਖਾਨ ਅਤੇ ਹੋਰ ਖਿਡਾਰਨਾਂ ਨੇ ਗੋਲ ਕੀਤੇ। ਇਸ ਜਿੱਤ ਨਾਲ ਭਾਰਤ ਨੇ ਫਾਈਨਲ ਵਿੱਚ ਪਹੁੰਚਣ ਦੀਆਂ ਉਮੀਦਾਂ ਨੂੰ ਮਜ਼ਬੂਤ ਕੀਤਾ ਹੈ।
Editor, Printer and Publisher Rishabdeep Singh, Printed at: Impression Printing & Packaging (Ltd.) Plot No. 22 Phase-2 industrial Area Panchkula (Haryana) 134109 & Published From 3223, First Floor, Sector-35D, Chandigarh
